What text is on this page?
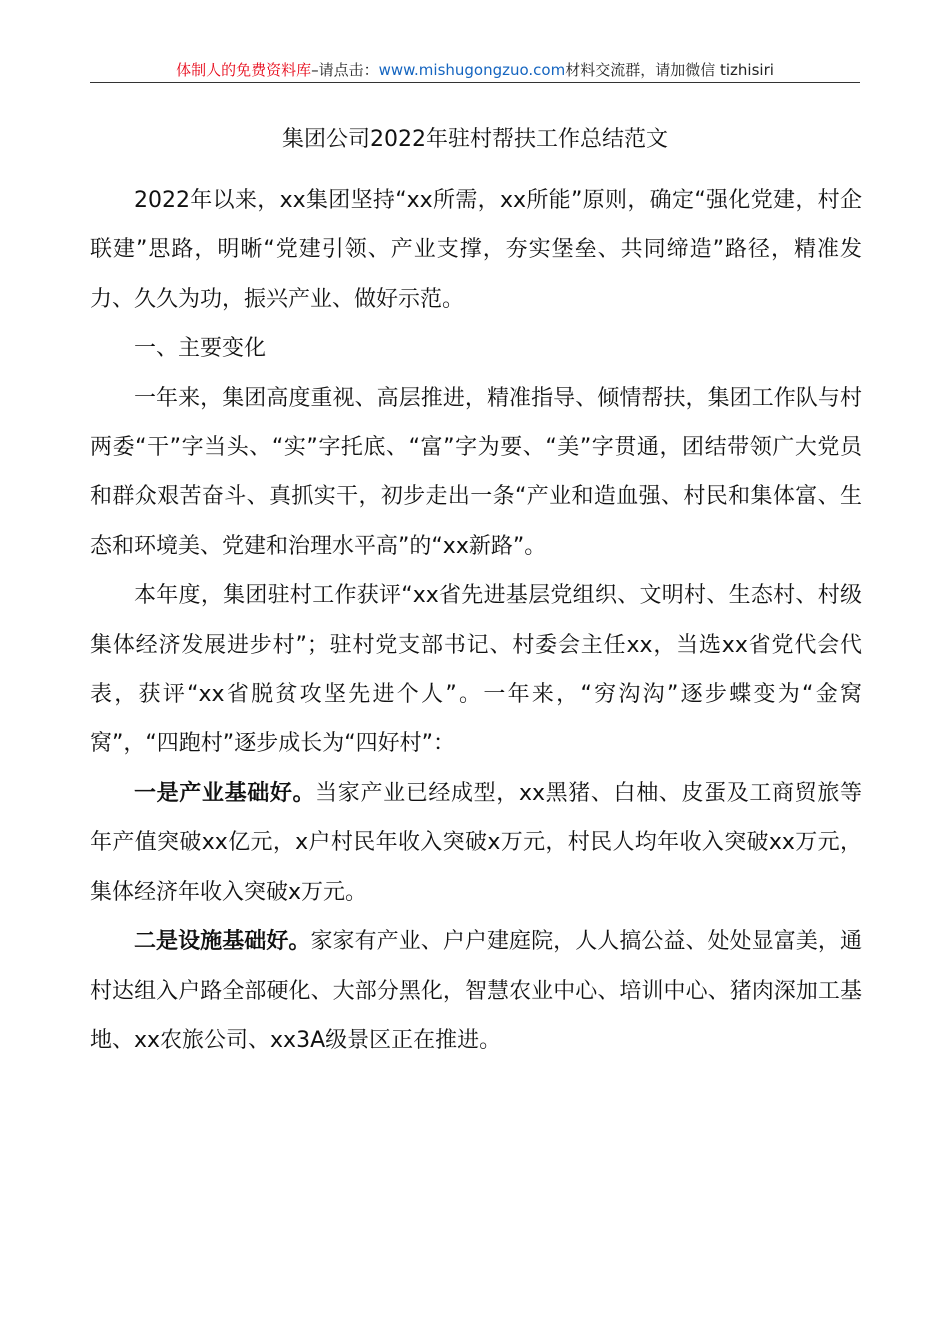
体制人的免费资料库–请点击：www.mishugongzuo.com材料交流群，请加微信 tizhisiri
集团公司2022年驻村帮扶工作总结范文

2022年以来，xx集团坚持“xx所需，xx所能”原则，确定“强化党建，村企联建”思路，明晰“党建引领、产业支撑，夯实堡垒、共同缔造”路径，精准发力、久久为功，振兴产业、做好示范。

一、主要变化

一年来，集团高度重视、高层推进，精准指导、倾情帮扶，集团工作队与村两委“干”字当头、“实”字托底、“富”字为要、“美”字贯通，团结带领广大党员和群众艰苦奋斗、真抓实干，初步走出一条“产业和造血强、村民和集体富、生态和环境美、党建和治理水平高”的“xx新路”。

本年度，集团驻村工作获评“xx省先进基层党组织、文明村、生态村、村级集体经济发展进步村”；驻村党支部书记、村委会主任xx，当选xx省党代会代表，获评“xx省脱贫攻坚先进个人”。一年来，“穷沟沟”逐步蝶变为“金窝窝”，“四跑村”逐步成长为“四好村”：

一是产业基础好。当家产业已经成型，xx黑猪、白柚、皮蛋及工商贸旅等年产值突破xx亿元，x户村民年收入突破x万元，村民人均年收入突破xx万元，集体经济年收入突破x万元。

二是设施基础好。家家有产业、户户建庭院，人人搞公益、处处显富美，通村达组入户路全部硬化、大部分黑化，智慧农业中心、培训中心、猪肉深加工基地、xx农旅公司、xx3A级景区正在推进。
